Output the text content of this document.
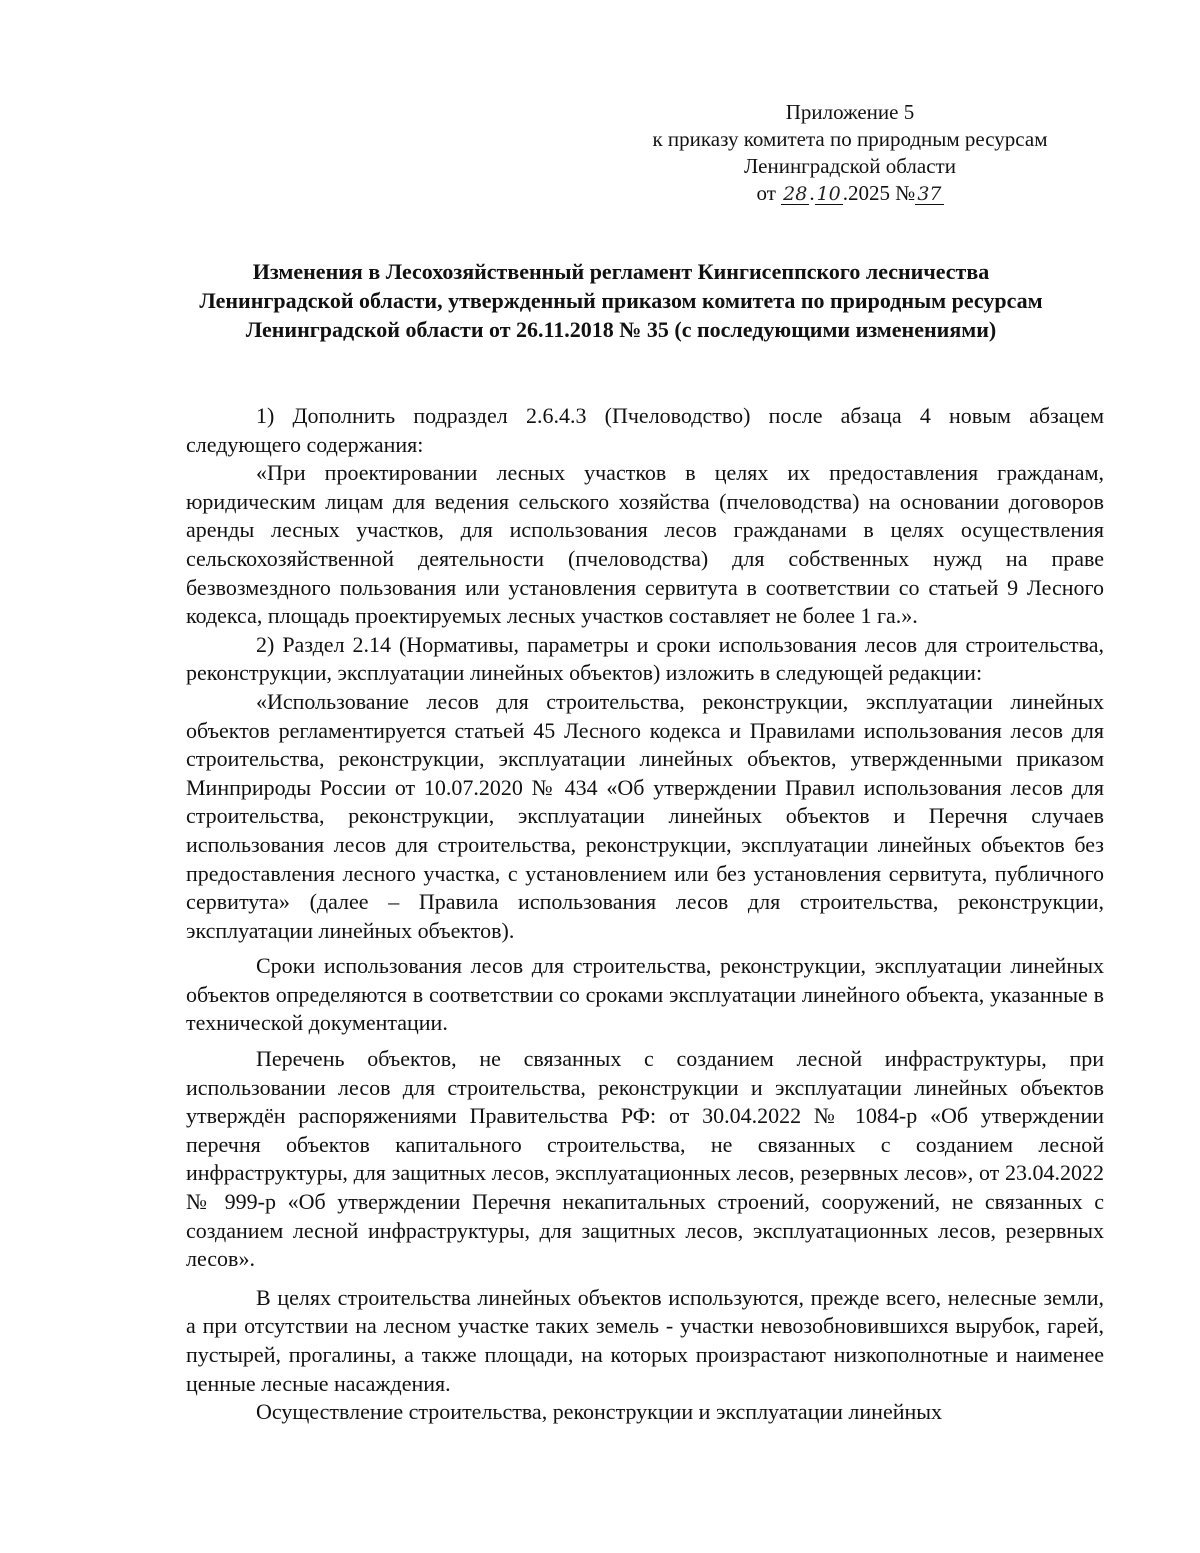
Приложение 5
к приказу комитета по природным ресурсам
Ленинградской области
от 28. 10.2025 № 37
Изменения в Лесохозяйственный регламент Кингисеппского лесничества Ленинградской области, утвержденный приказом комитета по природным ресурсам Ленинградской области от 26.11.2018 № 35 (с последующими изменениями)

1) Дополнить подраздел 2.6.4.3 (Пчеловодство) после абзаца 4 новым абзацем следующего содержания:

«При проектировании лесных участков в целях их предоставления гражданам, юридическим лицам для ведения сельского хозяйства (пчеловодства) на основании договоров аренды лесных участков, для использования лесов гражданами в целях осуществления сельскохозяйственной деятельности (пчеловодства) для собственных нужд на праве безвозмездного пользования или установления сервитута в соответствии со статьей 9 Лесного кодекса, площадь проектируемых лесных участков составляет не более 1 га.».

2) Раздел 2.14 (Нормативы, параметры и сроки использования лесов для строительства, реконструкции, эксплуатации линейных объектов) изложить в следующей редакции:

«Использование лесов для строительства, реконструкции, эксплуатации линейных объектов регламентируется статьей 45 Лесного кодекса и Правилами использования лесов для строительства, реконструкции, эксплуатации линейных объектов, утвержденными приказом Минприроды России от 10.07.2020 № 434 «Об утверждении Правил использования лесов для строительства, реконструкции, эксплуатации линейных объектов и Перечня случаев использования лесов для строительства, реконструкции, эксплуатации линейных объектов без предоставления лесного участка, с установлением или без установления сервитута, публичного сервитута» (далее – Правила использования лесов для строительства, реконструкции, эксплуатации линейных объектов).

Сроки использования лесов для строительства, реконструкции, эксплуатации линейных объектов определяются в соответствии со сроками эксплуатации линейного объекта, указанные в технической документации.

Перечень объектов, не связанных с созданием лесной инфраструктуры, при использовании лесов для строительства, реконструкции и эксплуатации линейных объектов утверждён распоряжениями Правительства РФ: от 30.04.2022 № 1084-р «Об утверждении перечня объектов капитального строительства, не связанных с созданием лесной инфраструктуры, для защитных лесов, эксплуатационных лесов, резервных лесов», от 23.04.2022 № 999-р «Об утверждении Перечня некапитальных строений, сооружений, не связанных с созданием лесной инфраструктуры, для защитных лесов, эксплуатационных лесов, резервных лесов».

В целях строительства линейных объектов используются, прежде всего, нелесные земли, а при отсутствии на лесном участке таких земель - участки невозобновившихся вырубок, гарей, пустырей, прогалины, а также площади, на которых произрастают низкополнотные и наименее ценные лесные насаждения.

Осуществление строительства, реконструкции и эксплуатации линейных
